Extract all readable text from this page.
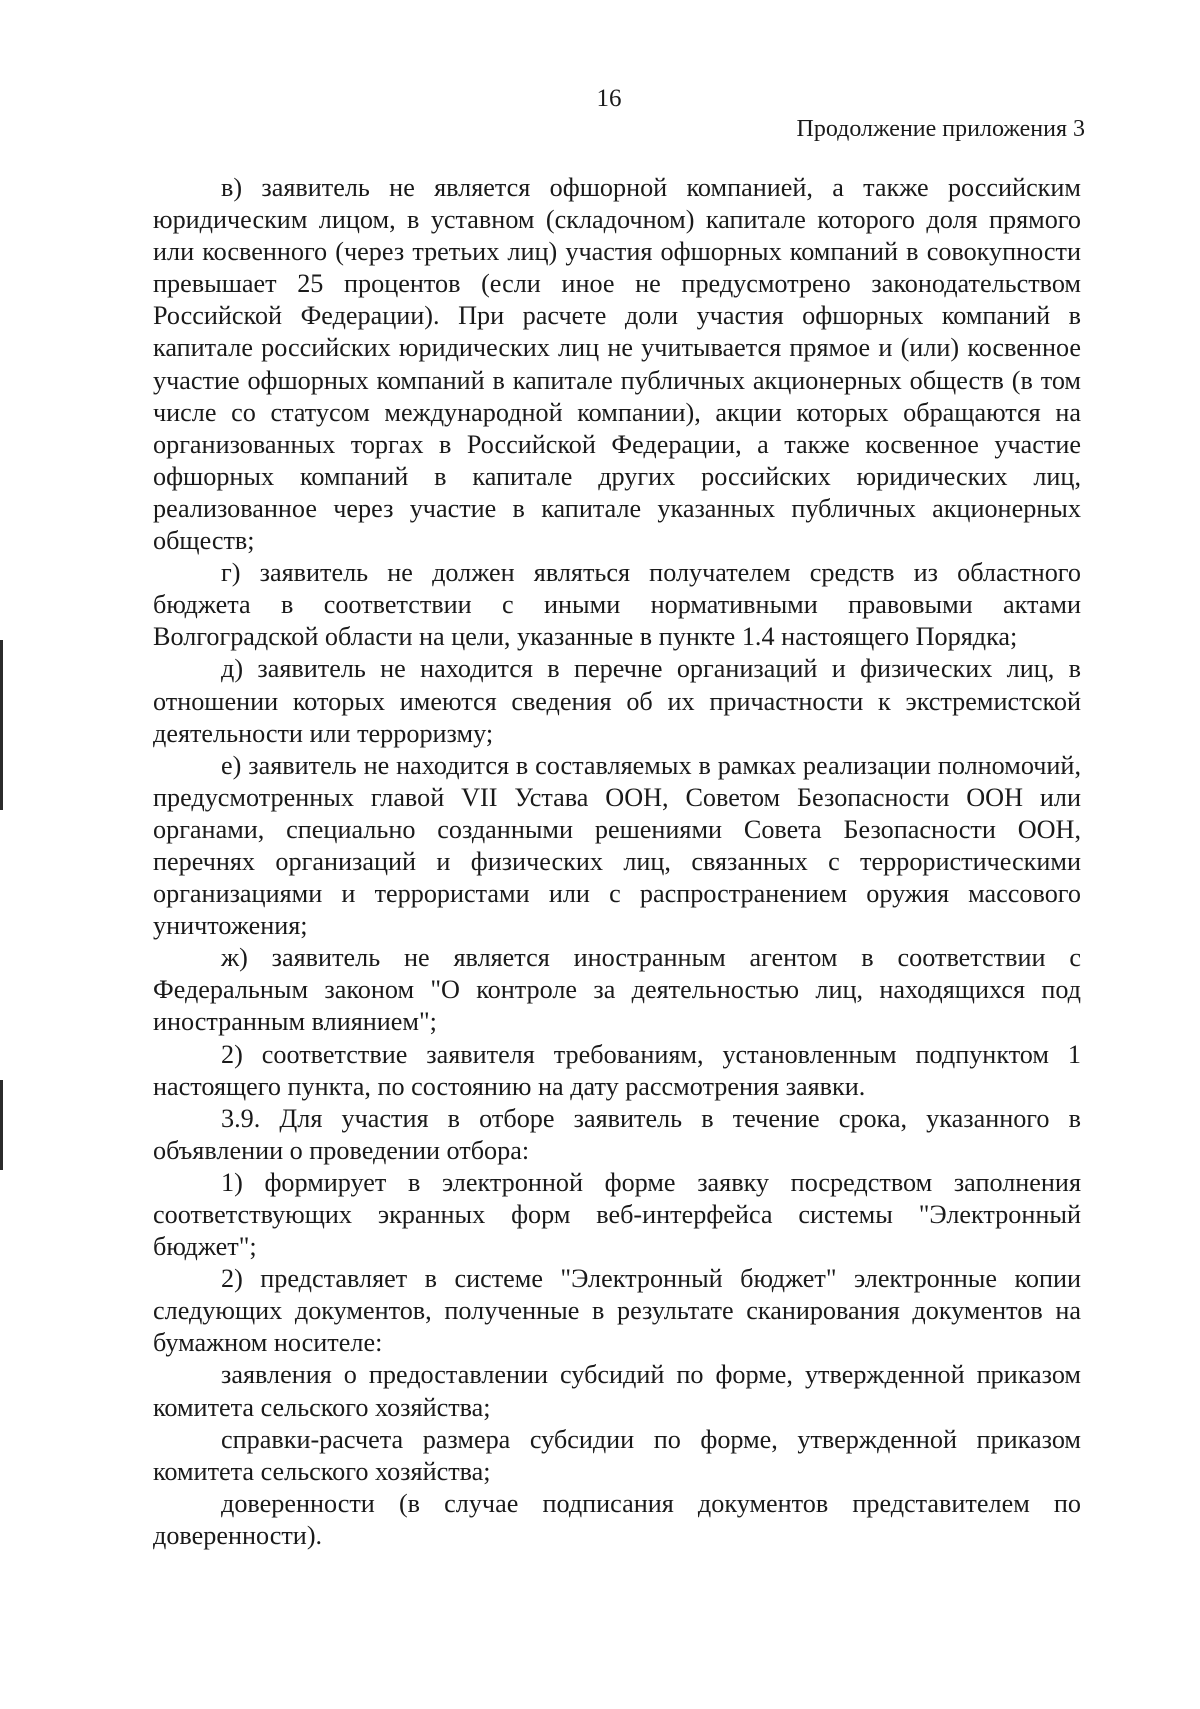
16
Продолжение приложения 3

в) заявитель не является офшорной компанией, а также российским юридическим лицом, в уставном (складочном) капитале которого доля прямого или косвенного (через третьих лиц) участия офшорных компаний в совокупности превышает 25 процентов (если иное не предусмотрено законодательством Российской Федерации). При расчете доли участия офшорных компаний в капитале российских юридических лиц не учитывается прямое и (или) косвенное участие офшорных компаний в капитале публичных акционерных обществ (в том числе со статусом международной компании), акции которых обращаются на организованных торгах в Российской Федерации, а также косвенное участие офшорных компаний в капитале других российских юридических лиц, реализованное через участие в капитале указанных публичных акционерных обществ;

г) заявитель не должен являться получателем средств из областного бюджета в соответствии с иными нормативными правовыми актами Волгоградской области на цели, указанные в пункте 1.4 настоящего Порядка;

д) заявитель не находится в перечне организаций и физических лиц, в отношении которых имеются сведения об их причастности к экстремистской деятельности или терроризму;

е) заявитель не находится в составляемых в рамках реализации полномочий, предусмотренных главой VII Устава ООН, Советом Безопасности ООН или органами, специально созданными решениями Совета Безопасности ООН, перечнях организаций и физических лиц, связанных с террористическими организациями и террористами или с распространением оружия массового уничтожения;

ж) заявитель не является иностранным агентом в соответствии с Федеральным законом "О контроле за деятельностью лиц, находящихся под иностранным влиянием";

2) соответствие заявителя требованиям, установленным подпунктом 1 настоящего пункта, по состоянию на дату рассмотрения заявки.

3.9. Для участия в отборе заявитель в течение срока, указанного в объявлении о проведении отбора:

1) формирует в электронной форме заявку посредством заполнения соответствующих экранных форм веб-интерфейса системы "Электронный бюджет";

2) представляет в системе "Электронный бюджет" электронные копии следующих документов, полученные в результате сканирования документов на бумажном носителе:

заявления о предоставлении субсидий по форме, утвержденной приказом комитета сельского хозяйства;

справки-расчета размера субсидии по форме, утвержденной приказом комитета сельского хозяйства;

доверенности (в случае подписания документов представителем по доверенности).
